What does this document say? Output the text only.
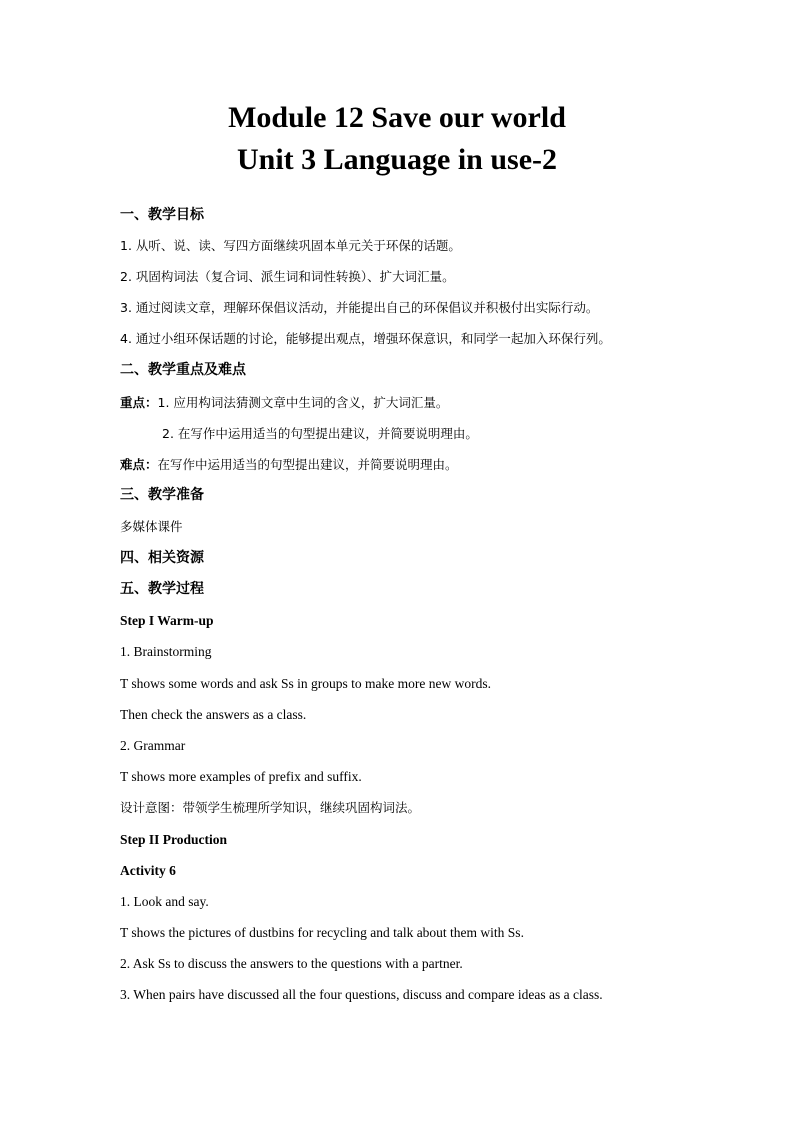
Module 12 Save our world
Unit 3 Language in use-2

一、教学目标

1. 从听、说、读、写四方面继续巩固本单元关于环保的话题。

2. 巩固构词法（复合词、派生词和词性转换）、扩大词汇量。

3. 通过阅读文章，理解环保倡议活动，并能提出自己的环保倡议并积极付出实际行动。

4. 通过小组环保话题的讨论，能够提出观点，增强环保意识，和同学一起加入环保行列。

二、教学重点及难点

重点：1. 应用构词法猜测文章中生词的含义，扩大词汇量。

2. 在写作中运用适当的句型提出建议，并简要说明理由。

难点：在写作中运用适当的句型提出建议，并简要说明理由。

三、教学准备

多媒体课件

四、相关资源

五、教学过程

Step I Warm-up

1. Brainstorming

T shows some words and ask Ss in groups to make more new words.

Then check the answers as a class.

2. Grammar

T shows more examples of prefix and suffix.

设计意图：带领学生梳理所学知识，继续巩固构词法。

Step II Production

Activity 6

1. Look and say.

T shows the pictures of dustbins for recycling and talk about them with Ss.

2. Ask Ss to discuss the answers to the questions with a partner.

3. When pairs have discussed all the four questions, discuss and compare ideas as a class.
